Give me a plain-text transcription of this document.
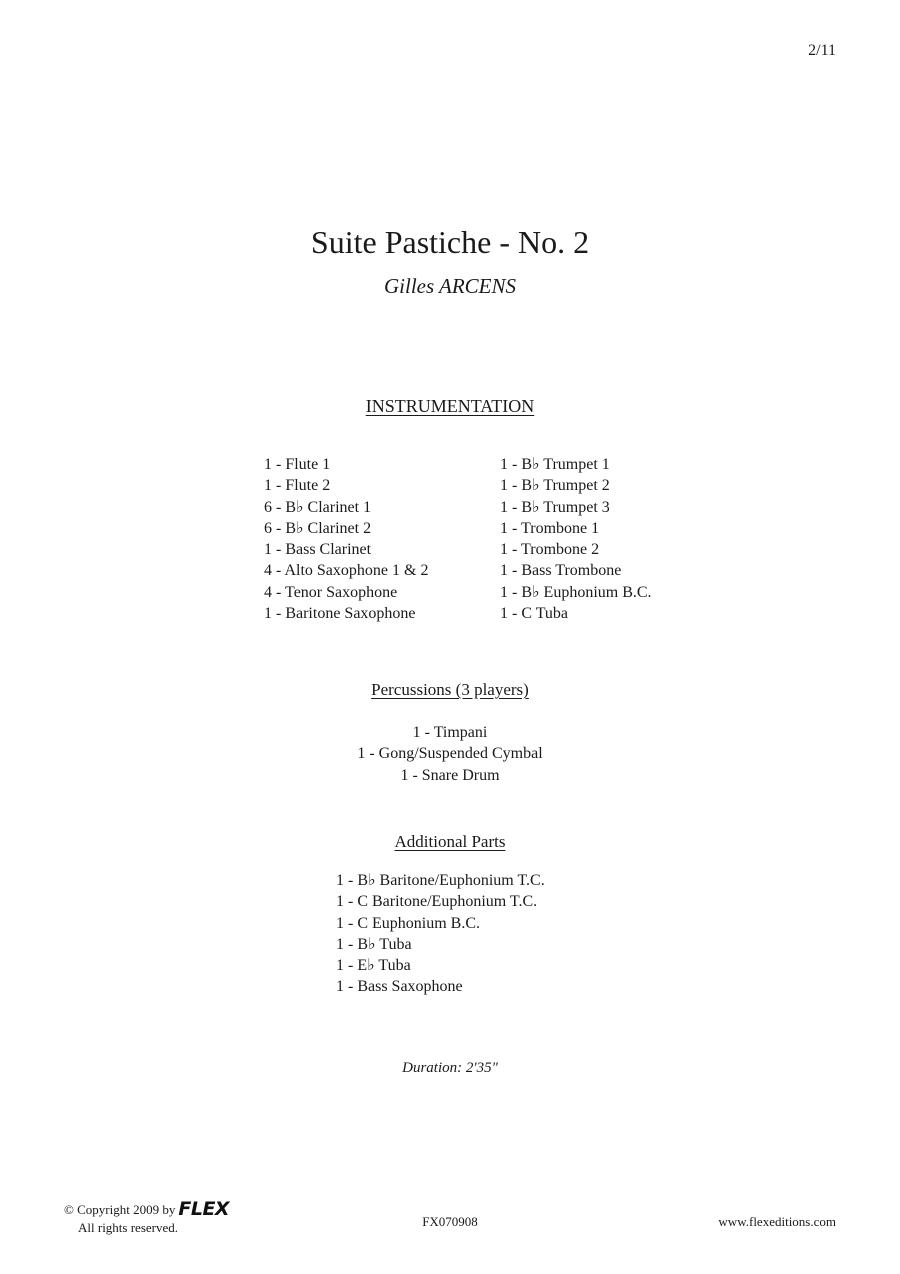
2/11
Suite Pastiche - No. 2
Gilles ARCENS
INSTRUMENTATION
1 - Flute 1
1 - Flute 2
6 - B♭ Clarinet 1
6 - B♭ Clarinet 2
1 - Bass Clarinet
4 - Alto Saxophone 1 & 2
4 - Tenor Saxophone
1 - Baritone Saxophone
1 - B♭ Trumpet 1
1 - B♭ Trumpet 2
1 - B♭ Trumpet 3
1 - Trombone 1
1 - Trombone 2
1 - Bass Trombone
1 - B♭ Euphonium B.C.
1 - C Tuba
Percussions (3 players)
1 - Timpani
1 - Gong/Suspended Cymbal
1 - Snare Drum
Additional Parts
1 - B♭ Baritone/Euphonium T.C.
1 - C Baritone/Euphonium T.C.
1 - C Euphonium B.C.
1 - B♭ Tuba
1 - E♭ Tuba
1 - Bass Saxophone
Duration: 2'35"
© Copyright 2009 by FLEX
All rights reserved.	FX070908	www.flexeditions.com
